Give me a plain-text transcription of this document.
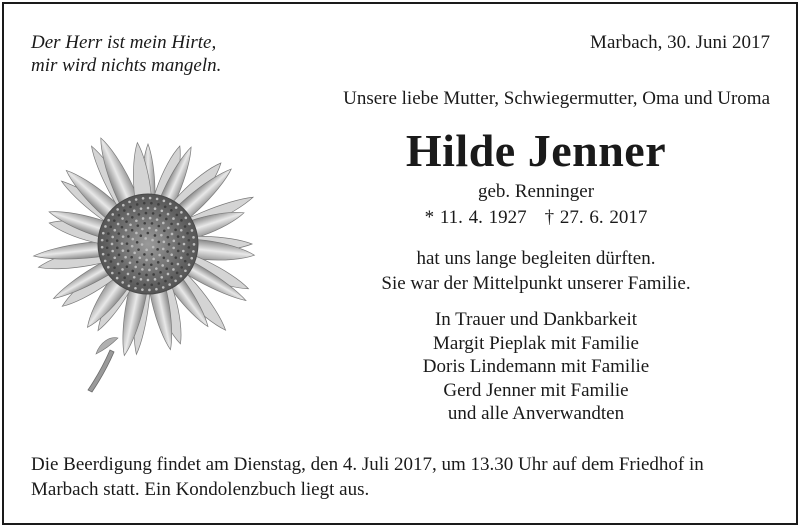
Der Herr ist mein Hirte,
mir wird nichts mangeln.
Marbach, 30. Juni 2017
Unsere liebe Mutter, Schwiegermutter, Oma und Uroma
Hilde Jenner
geb. Renninger
* 11. 4. 1927 † 27. 6. 2017
hat uns lange begleiten dürften.
Sie war der Mittelpunkt unserer Familie.
In Trauer und Dankbarkeit
Margit Pieplak mit Familie
Doris Lindemann mit Familie
Gerd Jenner mit Familie
und alle Anverwandten
Die Beerdigung findet am Dienstag, den 4. Juli 2017, um 13.30 Uhr auf dem Friedhof in
Marbach statt. Ein Kondolenzbuch liegt aus.
